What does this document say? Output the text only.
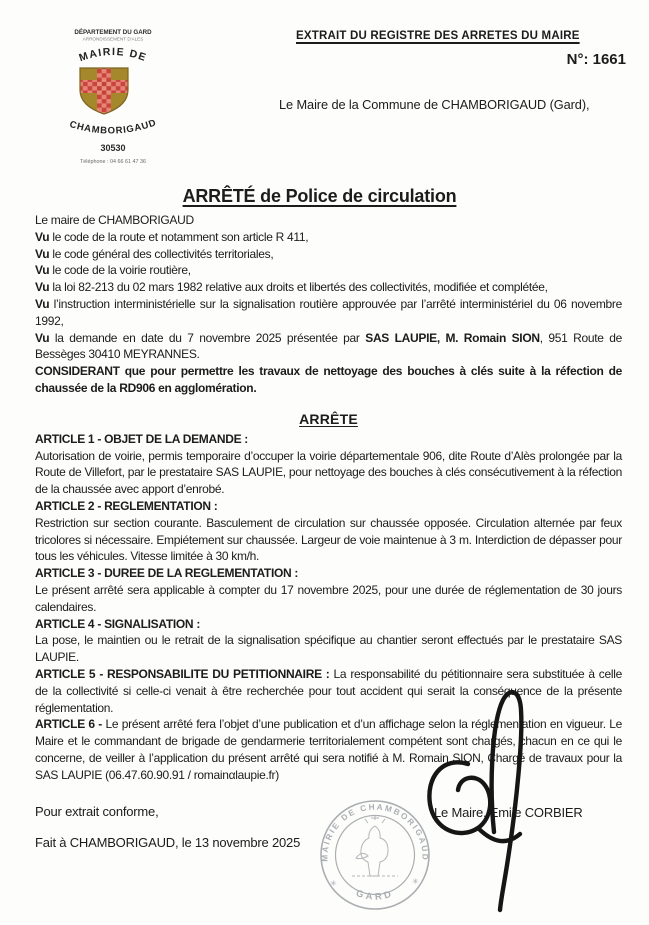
DÉPARTEMENT DU GARD
ARRONDISSEMENT D'ALES
MAIRIE DE
CHAMBORIGAUD
30530
Téléphone : 04 66 61 47 36
EXTRAIT DU REGISTRE DES ARRETES DU MAIRE
N°: 1661
Le Maire de la Commune de CHAMBORIGAUD (Gard),
ARRÊTÉ de Police de circulation

Le maire de CHAMBORIGAUD

Vu le code de la route et notamment son article R 411,

Vu le code général des collectivités territoriales,

Vu le code de la voirie routière,

Vu la loi 82-213 du 02 mars 1982 relative aux droits et libertés des collectivités, modifiée et complétée,

Vu l’instruction interministérielle sur la signalisation routière approuvée par l’arrêté interministériel du 06 novembre 1992,

Vu la demande en date du 7 novembre 2025 présentée par SAS LAUPIE, M. Romain SION, 951 Route de Bessèges 30410 MEYRANNES.

CONSIDERANT que pour permettre les travaux de nettoyage des bouches à clés suite à la réfection de chaussée de la RD906 en agglomération.

ARRÊTE

ARTICLE 1 - OBJET DE LA DEMANDE :

Autorisation de voirie, permis temporaire d’occuper la voirie départementale 906, dite Route d’Alès prolongée par la Route de Villefort, par le prestataire SAS LAUPIE, pour nettoyage des bouches à clés consécutivement à la réfection de la chaussée avec apport d’enrobé.

ARTICLE 2 - REGLEMENTATION :

Restriction sur section courante. Basculement de circulation sur chaussée opposée. Circulation alternée par feux tricolores si nécessaire. Empiétement sur chaussée. Largeur de voie maintenue à 3 m. Interdiction de dépasser pour tous les véhicules. Vitesse limitée à 30 km/h.

ARTICLE 3 - DUREE DE LA REGLEMENTATION :

Le présent arrêté sera applicable à compter du 17 novembre 2025, pour une durée de réglementation de 30 jours calendaires.

ARTICLE 4 - SIGNALISATION :

La pose, le maintien ou le retrait de la signalisation spécifique au chantier seront effectués par le prestataire SAS LAUPIE.

ARTICLE 5 - RESPONSABILITE DU PETITIONNAIRE : La responsabilité du pétitionnaire sera substituée à celle de la collectivité si celle-ci venait à être recherchée pour tout accident qui serait la conséquence de la présente réglementation.

ARTICLE 6 - Le présent arrêté fera l’objet d’une publication et d’un affichage selon la réglementation en vigueur. Le Maire et le commandant de brigade de gendarmerie territorialement compétent sont chargés, chacun en ce qui le concerne, de veiller à l’application du présent arrêté qui sera notifié à M. Romain SION, Chargé de travaux pour la SAS LAUPIE (06.47.60.90.91 / romainαlaupie.fr)

Pour extrait conforme,
Fait à CHAMBORIGAUD, le 13 novembre 2025
Le Maire, Emile CORBIER
MAIRIE DE CHAMBORIGAUD
GARD
✳	✳
